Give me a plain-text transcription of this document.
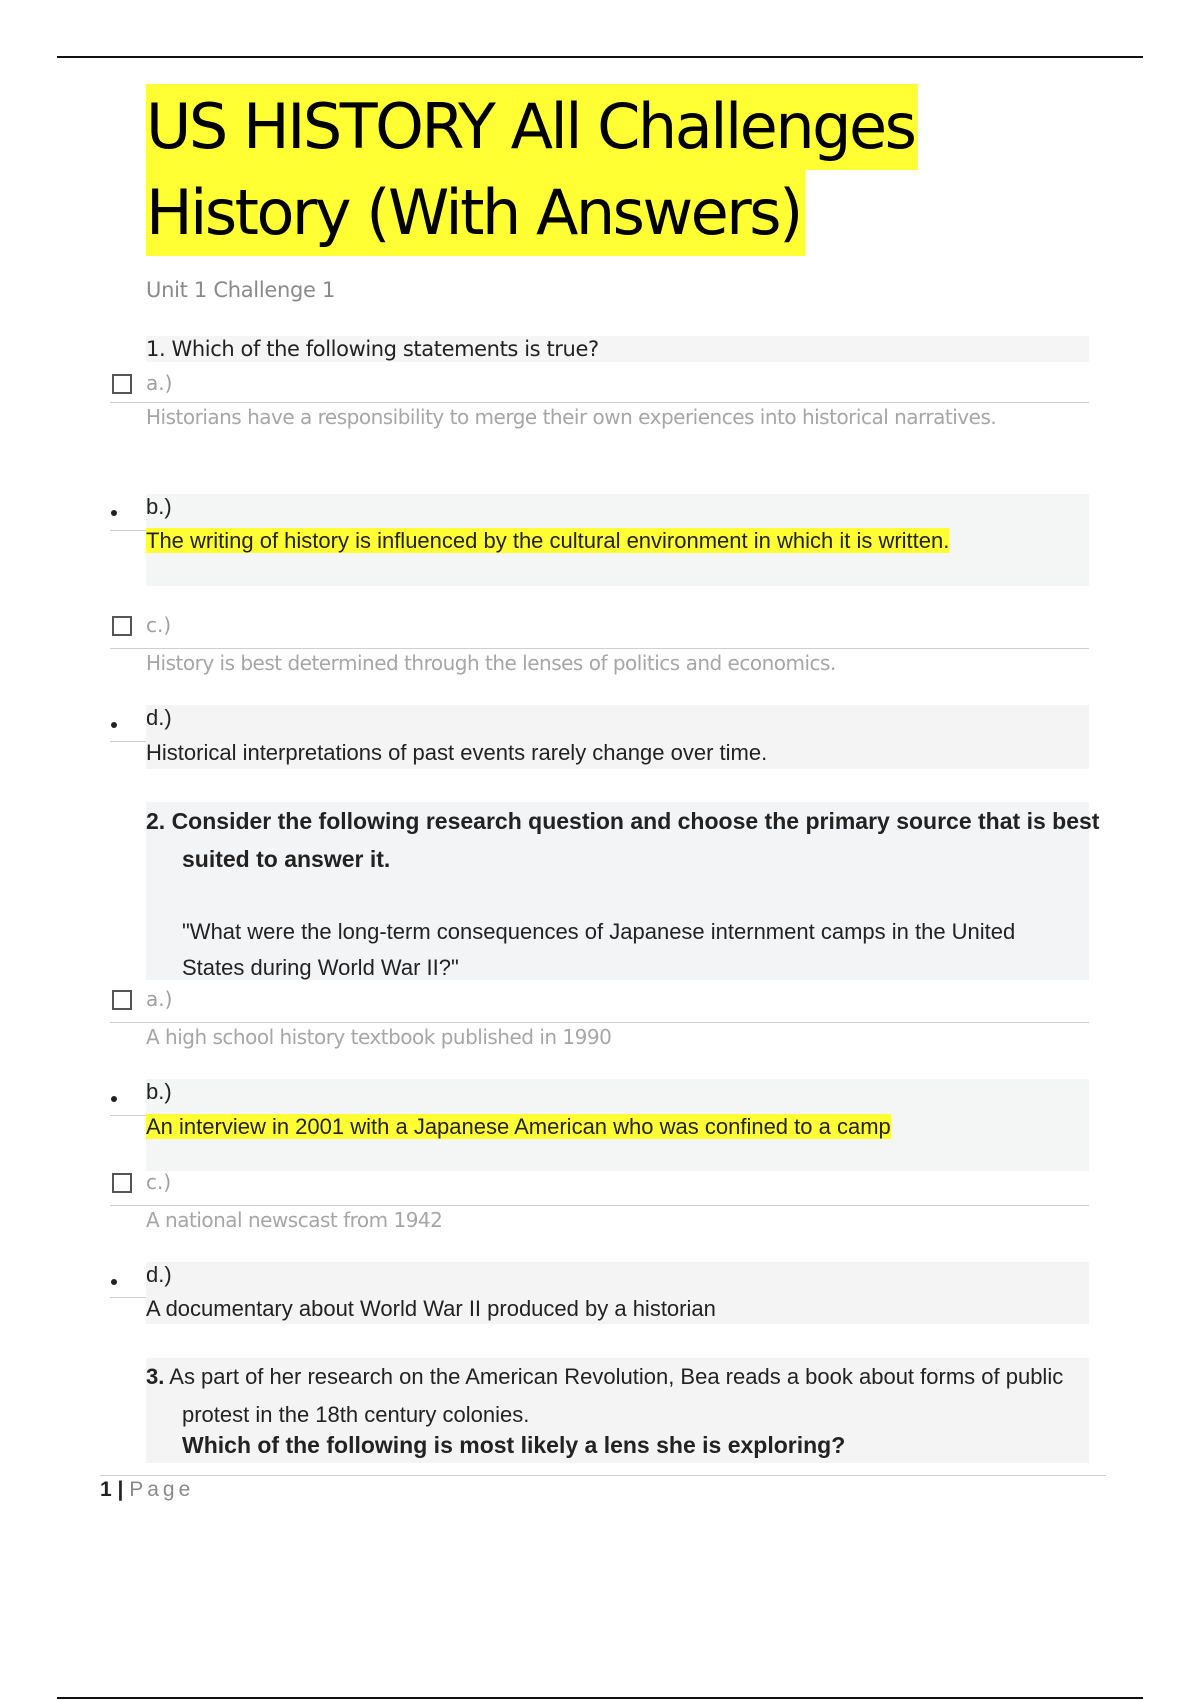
US HISTORY All Challenges
History (With Answers)
Unit 1 Challenge 1
1. Which of the following statements is true?
a.)
Historians have a responsibility to merge their own experiences into historical narratives.
b.)
The writing of history is influenced by the cultural environment in which it is written.
c.)
History is best determined through the lenses of politics and economics.
d.)
Historical interpretations of past events rarely change over time.

2. Consider the following research question and choose the primary source that is best suited to answer it.

"What were the long-term consequences of Japanese internment camps in the United States during World War II?"

a.)
A high school history textbook published in 1990
b.)
An interview in 2001 with a Japanese American who was confined to a camp
c.)
A national newscast from 1942
d.)
A documentary about World War II produced by a historian

3. As part of her research on the American Revolution, Bea reads a book about forms of public protest in the 18th century colonies.

Which of the following is most likely a lens she is exploring?
1 | Page
